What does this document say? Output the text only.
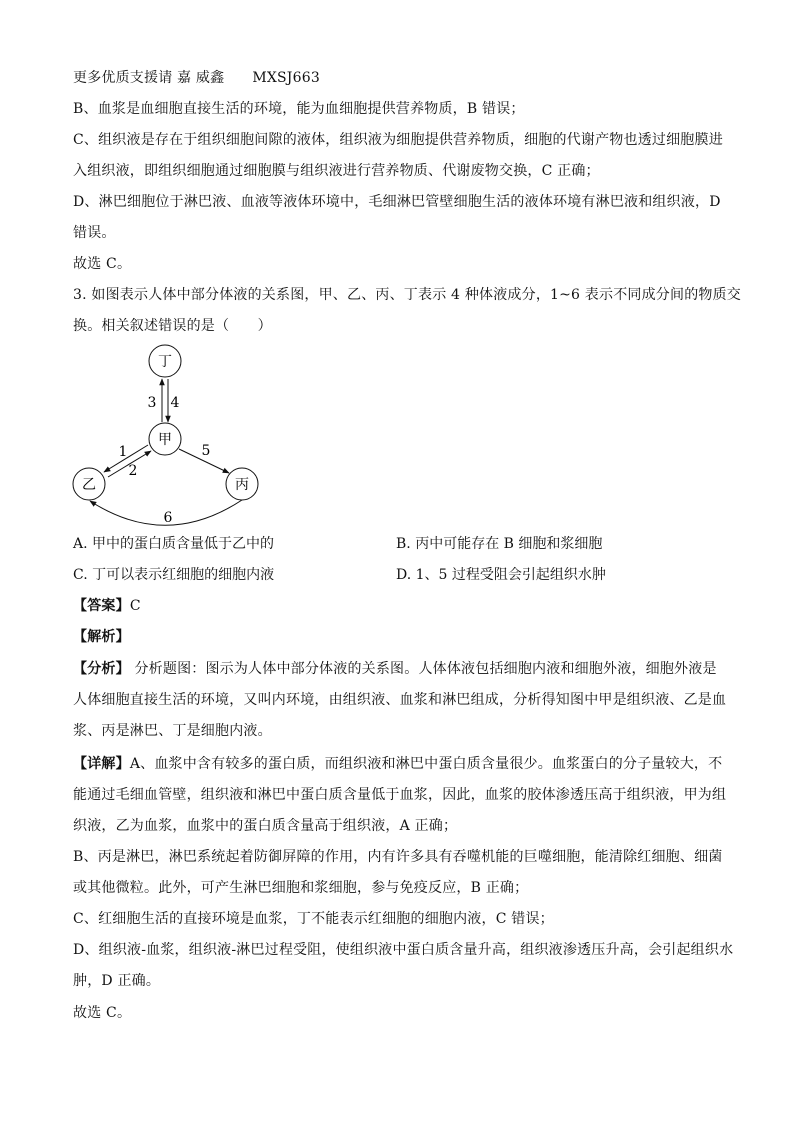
更多优质支援请 嘉 威鑫 MXSJ663
B、血浆是血细胞直接生活的环境，能为血细胞提供营养物质，B 错误；
C、组织液是存在于组织细胞间隙的液体，组织液为细胞提供营养物质，细胞的代谢产物也透过细胞膜进
入组织液，即组织细胞通过细胞膜与组织液进行营养物质、代谢废物交换，C 正确；
D、淋巴细胞位于淋巴液、血液等液体环境中，毛细淋巴管壁细胞生活的液体环境有淋巴液和组织液，D
错误。
故选 C。
3. 如图表示人体中部分体液的关系图，甲、乙、丙、丁表示 4 种体液成分，1~6 表示不同成分间的物质交
换。相关叙述错误的是（　　）
丁
甲
乙	丙
3 4
1
2
5
6
A. 甲中的蛋白质含量低于乙中的	B. 丙中可能存在 B 细胞和浆细胞
C. 丁可以表示红细胞的细胞内液	D. 1、5 过程受阻会引起组织水肿
【答案】C
【解析】
【分析】 分析题图：图示为人体中部分体液的关系图。人体体液包括细胞内液和细胞外液，细胞外液是
人体细胞直接生活的环境，又叫内环境，由组织液、血浆和淋巴组成，分析得知图中甲是组织液、乙是血
浆、丙是淋巴、丁是细胞内液。
【详解】A、血浆中含有较多的蛋白质，而组织液和淋巴中蛋白质含量很少。血浆蛋白的分子量较大，不
能通过毛细血管壁，组织液和淋巴中蛋白质含量低于血浆，因此，血浆的胶体渗透压高于组织液，甲为组
织液，乙为血浆，血浆中的蛋白质含量高于组织液，A 正确；
B、丙是淋巴，淋巴系统起着防御屏障的作用，内有许多具有吞噬机能的巨噬细胞，能清除红细胞、细菌
或其他微粒。此外，可产生淋巴细胞和浆细胞，参与免疫反应，B 正确；
C、红细胞生活的直接环境是血浆，丁不能表示红细胞的细胞内液，C 错误；
D、组织液-血浆，组织液-淋巴过程受阻，使组织液中蛋白质含量升高，组织液渗透压升高，会引起组织水
肿，D 正确。
故选 C。
